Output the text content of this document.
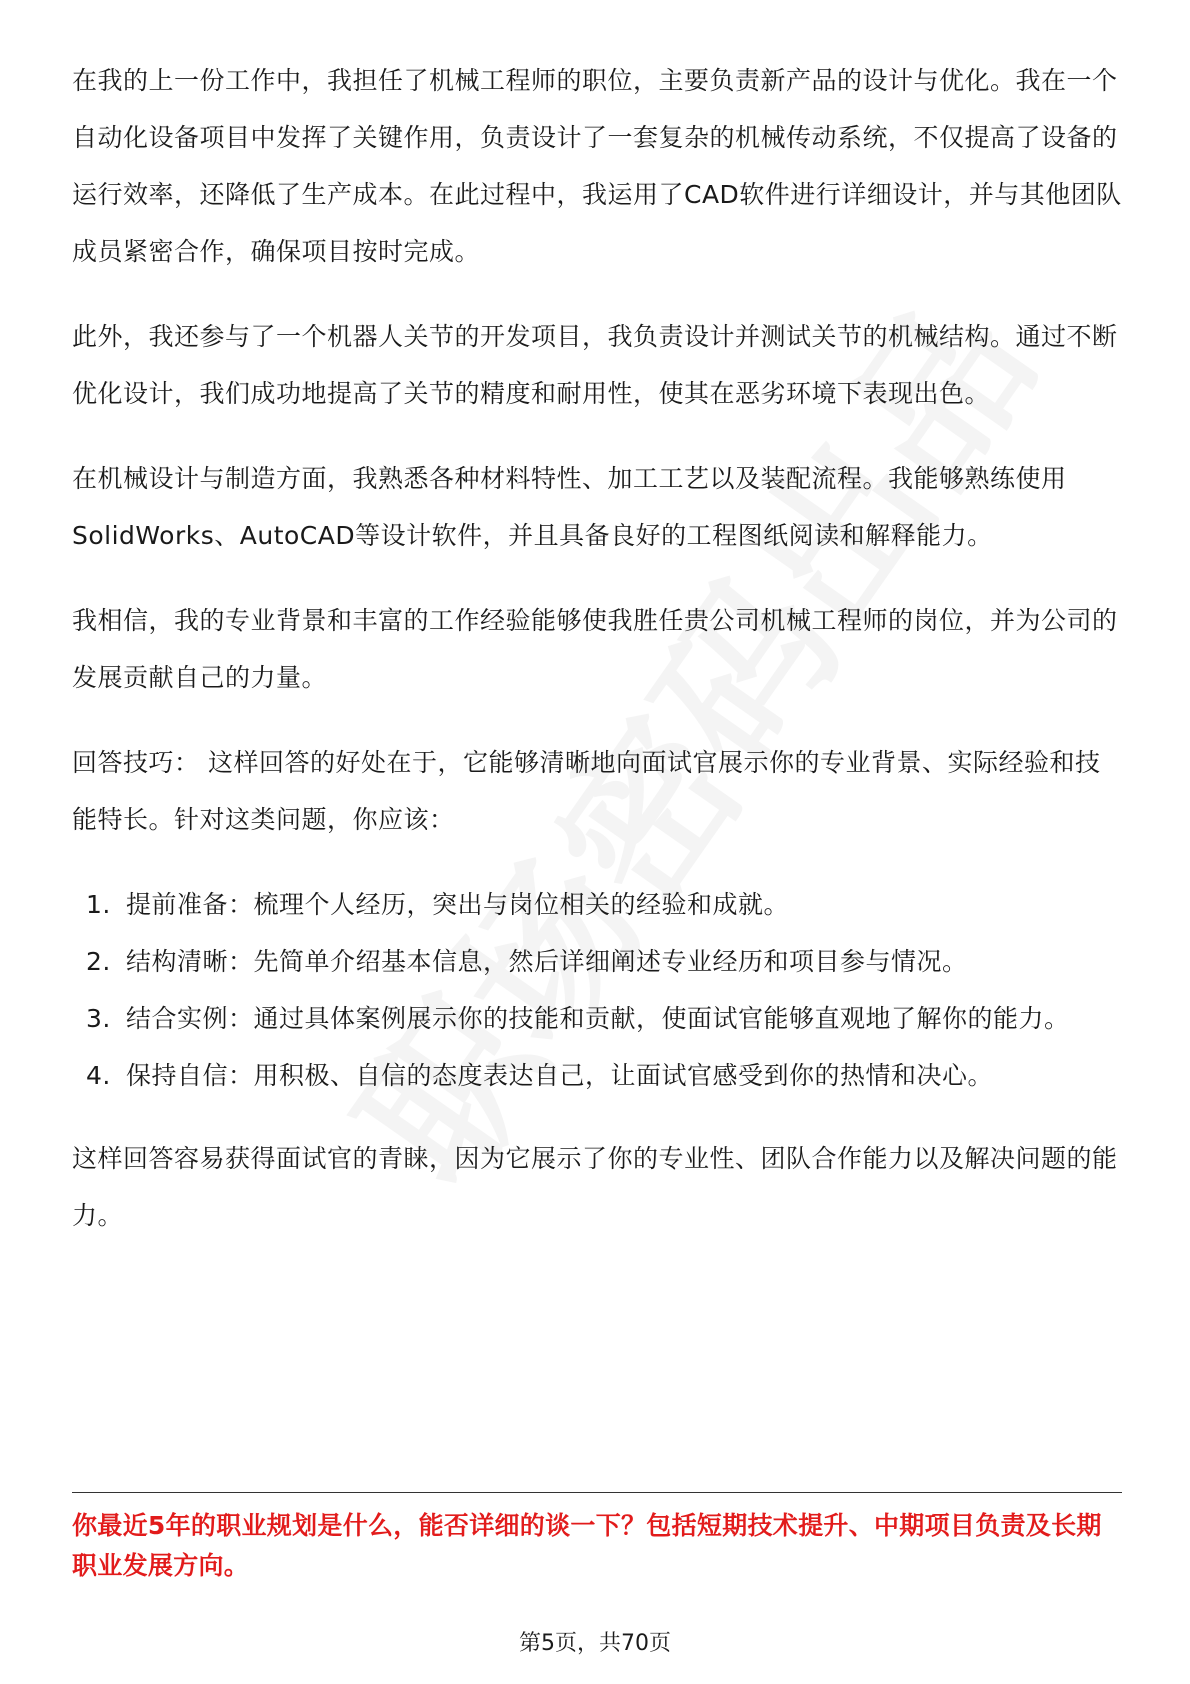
在我的上一份工作中，我担任了机械工程师的职位，主要负责新产品的设计与优化。我在一个自动化设备项目中发挥了关键作用，负责设计了一套复杂的机械传动系统，不仅提高了设备的运行效率，还降低了生产成本。在此过程中，我运用了CAD软件进行详细设计，并与其他团队成员紧密合作，确保项目按时完成。

此外，我还参与了一个机器人关节的开发项目，我负责设计并测试关节的机械结构。通过不断优化设计，我们成功地提高了关节的精度和耐用性，使其在恶劣环境下表现出色。

在机械设计与制造方面，我熟悉各种材料特性、加工工艺以及装配流程。我能够熟练使用SolidWorks、AutoCAD等设计软件，并且具备良好的工程图纸阅读和解释能力。

我相信，我的专业背景和丰富的工作经验能够使我胜任贵公司机械工程师的岗位，并为公司的发展贡献自己的力量。

回答技巧： 这样回答的好处在于，它能够清晰地向面试官展示你的专业背景、实际经验和技能特长。针对这类问题，你应该：

1. 提前准备：梳理个人经历，突出与岗位相关的经验和成就。
2. 结构清晰：先简单介绍基本信息，然后详细阐述专业经历和项目参与情况。
3. 结合实例：通过具体案例展示你的技能和贡献，使面试官能够直观地了解你的能力。
4. 保持自信：用积极、自信的态度表达自己，让面试官感受到你的热情和决心。

这样回答容易获得面试官的青睐，因为它展示了你的专业性、团队合作能力以及解决问题的能力。

你最近5年的职业规划是什么，能否详细的谈一下？包括短期技术提升、中期项目负责及长期职业发展方向。
第5页，共70页
